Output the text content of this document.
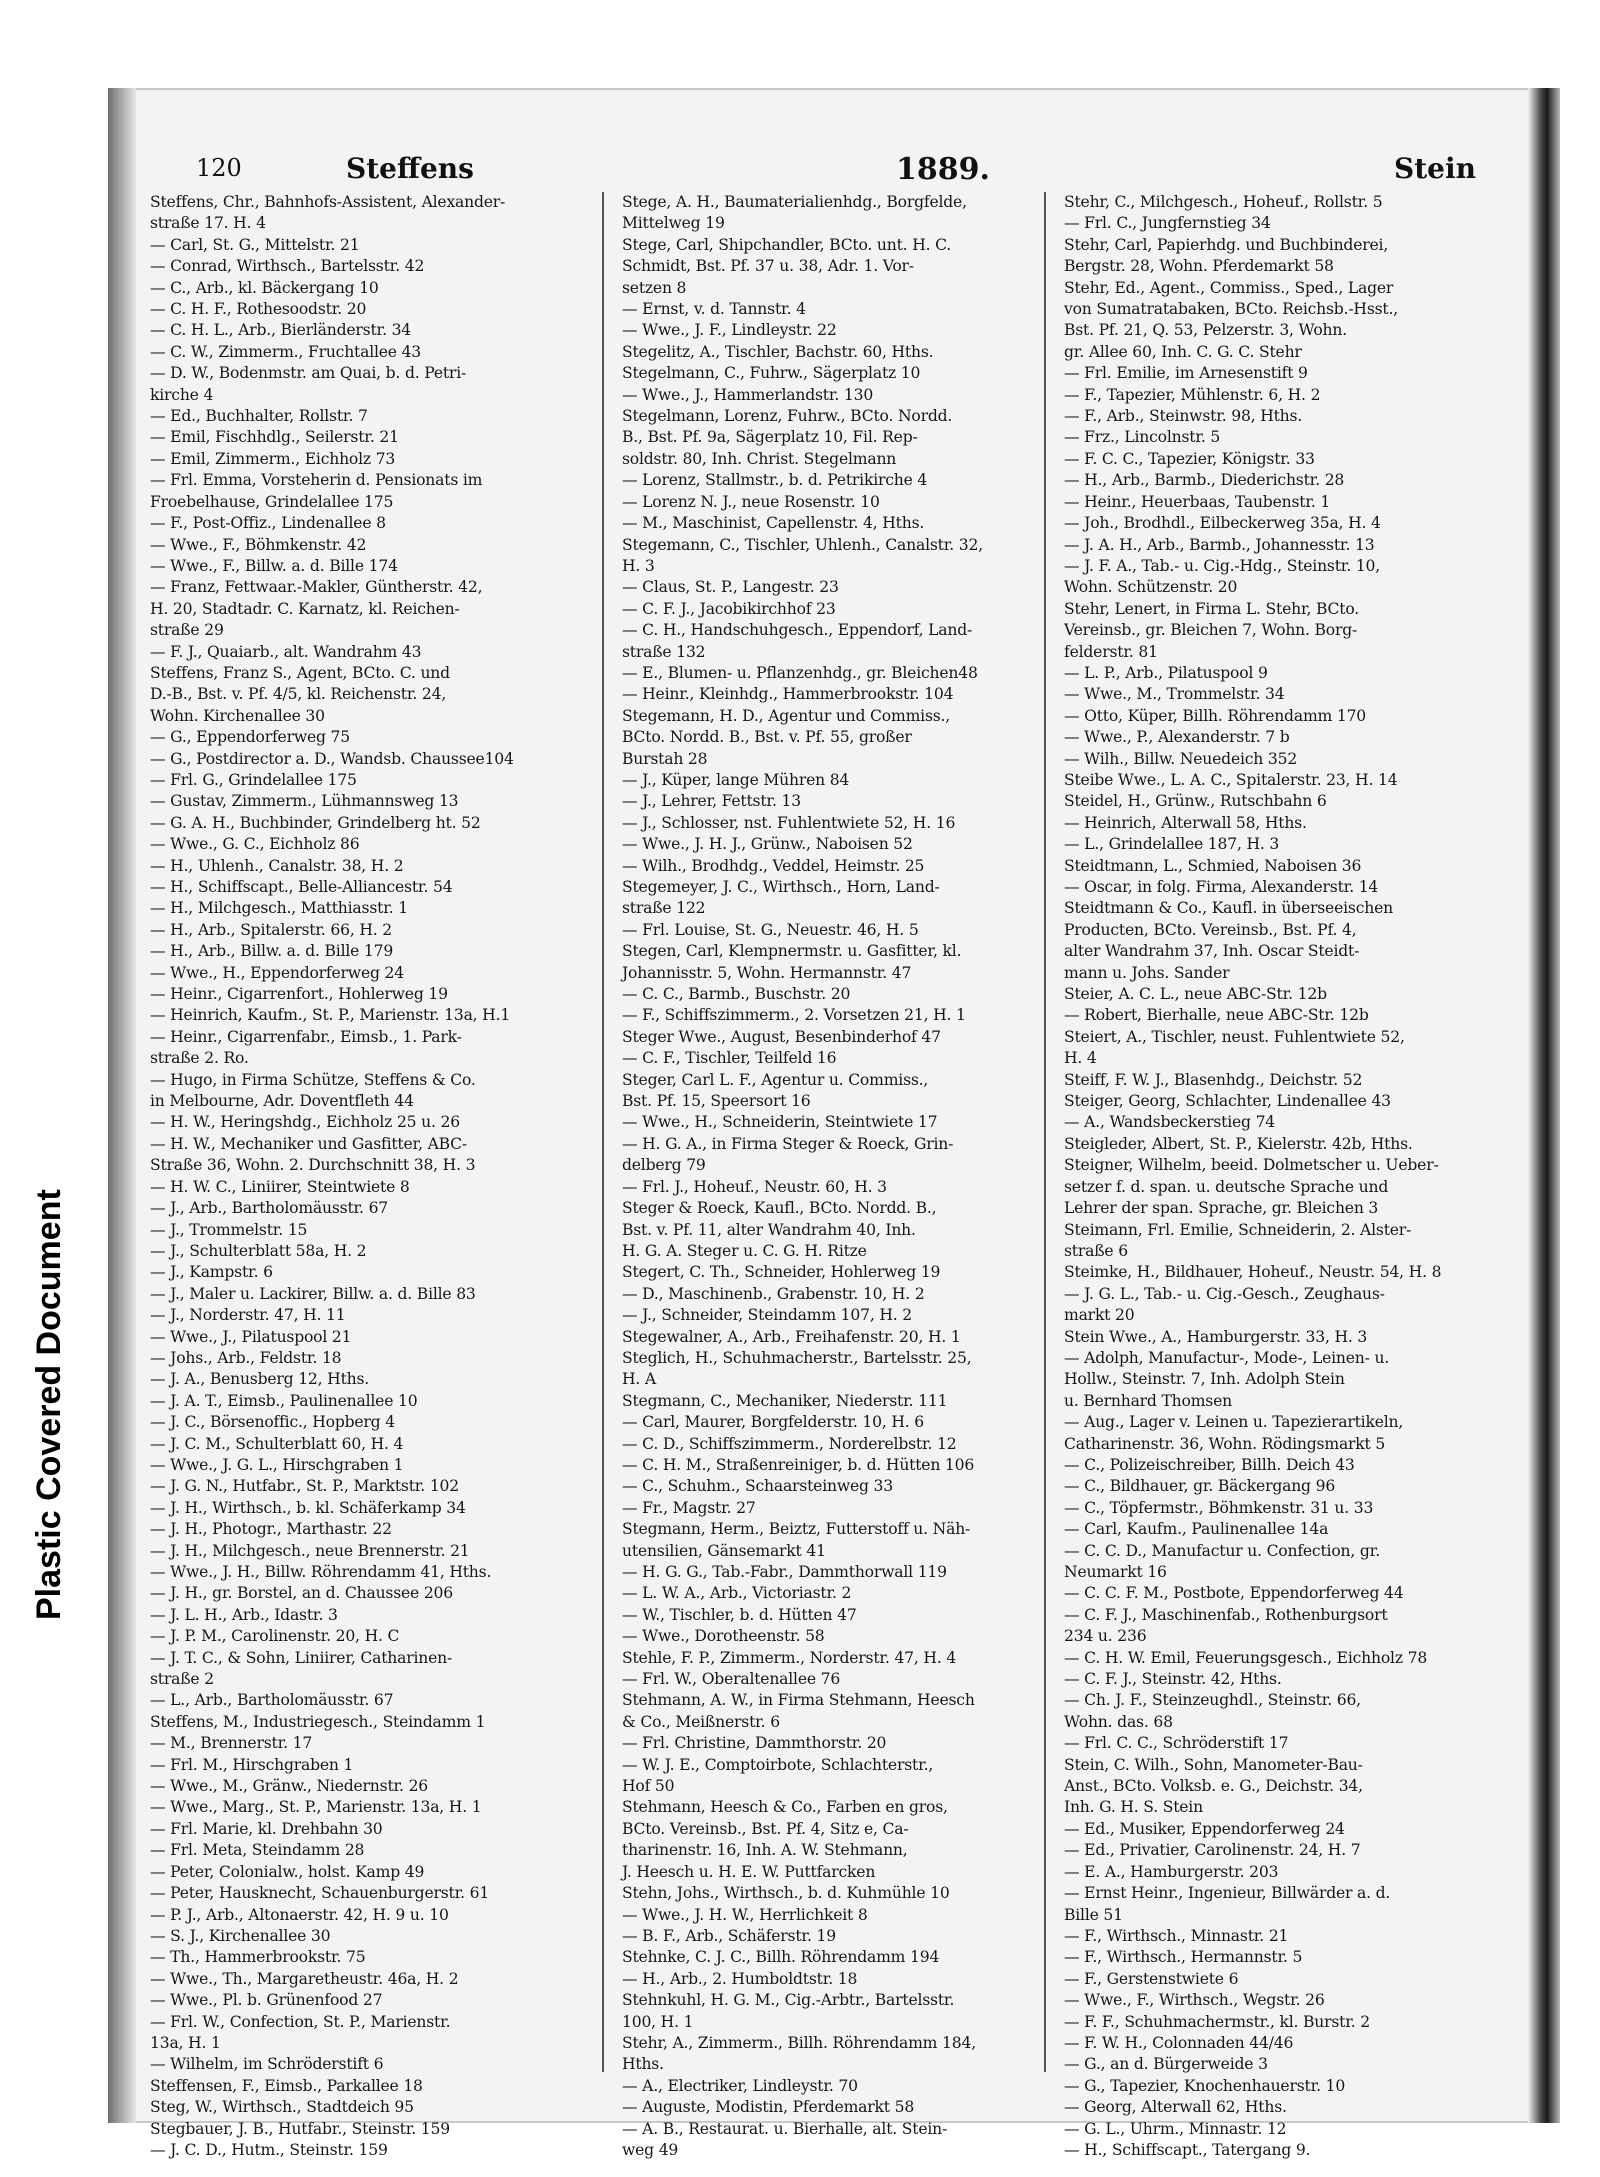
Plastic Covered Document
120	Steffens	1889.	Stein

Steffens, Chr., Bahnhofs-Assistent, Alexander-

straße 17. H. 4

— Carl, St. G., Mittelstr. 21

— Conrad, Wirthsch., Bartelsstr. 42

— C., Arb., kl. Bäckergang 10

— C. H. F., Rothesoodstr. 20

— C. H. L., Arb., Bierländerstr. 34

— C. W., Zimmerm., Fruchtallee 43

— D. W., Bodenmstr. am Quai, b. d. Petri-

kirche 4

— Ed., Buchhalter, Rollstr. 7

— Emil, Fischhdlg., Seilerstr. 21

— Emil, Zimmerm., Eichholz 73

— Frl. Emma, Vorsteherin d. Pensionats im

Froebelhause, Grindelallee 175

— F., Post-Offiz., Lindenallee 8

— Wwe., F., Böhmkenstr. 42

— Wwe., F., Billw. a. d. Bille 174

— Franz, Fettwaar.-Makler, Güntherstr. 42,

H. 20, Stadtadr. C. Karnatz, kl. Reichen-

straße 29

— F. J., Quaiarb., alt. Wandrahm 43

Steffens, Franz S., Agent, BCto. C. und

D.-B., Bst. v. Pf. 4/5, kl. Reichenstr. 24,

Wohn. Kirchenallee 30

— G., Eppendorferweg 75

— G., Postdirector a. D., Wandsb. Chaussee104

— Frl. G., Grindelallee 175

— Gustav, Zimmerm., Lühmannsweg 13

— G. A. H., Buchbinder, Grindelberg ht. 52

— Wwe., G. C., Eichholz 86

— H., Uhlenh., Canalstr. 38, H. 2

— H., Schiffscapt., Belle-Alliancestr. 54

— H., Milchgesch., Matthiasstr. 1

— H., Arb., Spitalerstr. 66, H. 2

— H., Arb., Billw. a. d. Bille 179

— Wwe., H., Eppendorferweg 24

— Heinr., Cigarrenfort., Hohlerweg 19

— Heinrich, Kaufm., St. P., Marienstr. 13a, H.1

— Heinr., Cigarrenfabr., Eimsb., 1. Park-

straße 2. Ro.

— Hugo, in Firma Schütze, Steffens & Co.

in Melbourne, Adr. Doventfleth 44

— H. W., Heringshdg., Eichholz 25 u. 26

— H. W., Mechaniker und Gasfitter, ABC-

Straße 36, Wohn. 2. Durchschnitt 38, H. 3

— H. W. C., Liniirer, Steintwiete 8

— J., Arb., Bartholomäusstr. 67

— J., Trommelstr. 15

— J., Schulterblatt 58a, H. 2

— J., Kampstr. 6

— J., Maler u. Lackirer, Billw. a. d. Bille 83

— J., Norderstr. 47, H. 11

— Wwe., J., Pilatuspool 21

— Johs., Arb., Feldstr. 18

— J. A., Benusberg 12, Hths.

— J. A. T., Eimsb., Paulinenallee 10

— J. C., Börsenoffic., Hopberg 4

— J. C. M., Schulterblatt 60, H. 4

— Wwe., J. G. L., Hirschgraben 1

— J. G. N., Hutfabr., St. P., Marktstr. 102

— J. H., Wirthsch., b. kl. Schäferkamp 34

— J. H., Photogr., Marthastr. 22

— J. H., Milchgesch., neue Brennerstr. 21

— Wwe., J. H., Billw. Röhrendamm 41, Hths.

— J. H., gr. Borstel, an d. Chaussee 206

— J. L. H., Arb., Idastr. 3

— J. P. M., Carolinenstr. 20, H. C

— J. T. C., & Sohn, Liniirer, Catharinen-

straße 2

— L., Arb., Bartholomäusstr. 67

Steffens, M., Industriegesch., Steindamm 1

— M., Brennerstr. 17

— Frl. M., Hirschgraben 1

— Wwe., M., Gränw., Niedernstr. 26

— Wwe., Marg., St. P., Marienstr. 13a, H. 1

— Frl. Marie, kl. Drehbahn 30

— Frl. Meta, Steindamm 28

— Peter, Colonialw., holst. Kamp 49

— Peter, Hausknecht, Schauenburgerstr. 61

— P. J., Arb., Altonaerstr. 42, H. 9 u. 10

— S. J., Kirchenallee 30

— Th., Hammerbrookstr. 75

— Wwe., Th., Margaretheustr. 46a, H. 2

— Wwe., Pl. b. Grünenfood 27

— Frl. W., Confection, St. P., Marienstr.

13a, H. 1

— Wilhelm, im Schröderstift 6

Steffensen, F., Eimsb., Parkallee 18

Steg, W., Wirthsch., Stadtdeich 95

Stegbauer, J. B., Hutfabr., Steinstr. 159

— J. C. D., Hutm., Steinstr. 159

Stege, A. H., Baumaterialienhdg., Borgfelde,

Mittelweg 19

Stege, Carl, Shipchandler, BCto. unt. H. C.

Schmidt, Bst. Pf. 37 u. 38, Adr. 1. Vor-

setzen 8

— Ernst, v. d. Tannstr. 4

— Wwe., J. F., Lindleystr. 22

Stegelitz, A., Tischler, Bachstr. 60, Hths.

Stegelmann, C., Fuhrw., Sägerplatz 10

— Wwe., J., Hammerlandstr. 130

Stegelmann, Lorenz, Fuhrw., BCto. Nordd.

B., Bst. Pf. 9a, Sägerplatz 10, Fil. Rep-

soldstr. 80, Inh. Christ. Stegelmann

— Lorenz, Stallmstr., b. d. Petrikirche 4

— Lorenz N. J., neue Rosenstr. 10

— M., Maschinist, Capellenstr. 4, Hths.

Stegemann, C., Tischler, Uhlenh., Canalstr. 32,

H. 3

— Claus, St. P., Langestr. 23

— C. F. J., Jacobikirchhof 23

— C. H., Handschuhgesch., Eppendorf, Land-

straße 132

— E., Blumen- u. Pflanzenhdg., gr. Bleichen48

— Heinr., Kleinhdg., Hammerbrookstr. 104

Stegemann, H. D., Agentur und Commiss.,

BCto. Nordd. B., Bst. v. Pf. 55, großer

Burstah 28

— J., Küper, lange Mühren 84

— J., Lehrer, Fettstr. 13

— J., Schlosser, nst. Fuhlentwiete 52, H. 16

— Wwe., J. H. J., Grünw., Naboisen 52

— Wilh., Brodhdg., Veddel, Heimstr. 25

Stegemeyer, J. C., Wirthsch., Horn, Land-

straße 122

— Frl. Louise, St. G., Neuestr. 46, H. 5

Stegen, Carl, Klempnermstr. u. Gasfitter, kl.

Johannisstr. 5, Wohn. Hermannstr. 47

— C. C., Barmb., Buschstr. 20

— F., Schiffszimmerm., 2. Vorsetzen 21, H. 1

Steger Wwe., August, Besenbinderhof 47

— C. F., Tischler, Teilfeld 16

Steger, Carl L. F., Agentur u. Commiss.,

Bst. Pf. 15, Speersort 16

— Wwe., H., Schneiderin, Steintwiete 17

— H. G. A., in Firma Steger & Roeck, Grin-

delberg 79

— Frl. J., Hoheuf., Neustr. 60, H. 3

Steger & Roeck, Kaufl., BCto. Nordd. B.,

Bst. v. Pf. 11, alter Wandrahm 40, Inh.

H. G. A. Steger u. C. G. H. Ritze

Stegert, C. Th., Schneider, Hohlerweg 19

— D., Maschinenb., Grabenstr. 10, H. 2

— J., Schneider, Steindamm 107, H. 2

Stegewalner, A., Arb., Freihafenstr. 20, H. 1

Steglich, H., Schuhmacherstr., Bartelsstr. 25,

H. A

Stegmann, C., Mechaniker, Niederstr. 111

— Carl, Maurer, Borgfelderstr. 10, H. 6

— C. D., Schiffszimmerm., Norderelbstr. 12

— C. H. M., Straßenreiniger, b. d. Hütten 106

— C., Schuhm., Schaarsteinweg 33

— Fr., Magstr. 27

Stegmann, Herm., Beiztz, Futterstoff u. Näh-

utensilien, Gänsemarkt 41

— H. G. G., Tab.-Fabr., Dammthorwall 119

— L. W. A., Arb., Victoriastr. 2

— W., Tischler, b. d. Hütten 47

— Wwe., Dorotheenstr. 58

Stehle, F. P., Zimmerm., Norderstr. 47, H. 4

— Frl. W., Oberaltenallee 76

Stehmann, A. W., in Firma Stehmann, Heesch

& Co., Meißnerstr. 6

— Frl. Christine, Dammthorstr. 20

— W. J. E., Comptoirbote, Schlachterstr.,

Hof 50

Stehmann, Heesch & Co., Farben en gros,

BCto. Vereinsb., Bst. Pf. 4, Sitz e, Ca-

tharinenstr. 16, Inh. A. W. Stehmann,

J. Heesch u. H. E. W. Puttfarcken

Stehn, Johs., Wirthsch., b. d. Kuhmühle 10

— Wwe., J. H. W., Herrlichkeit 8

— B. F., Arb., Schäferstr. 19

Stehnke, C. J. C., Billh. Röhrendamm 194

— H., Arb., 2. Humboldtstr. 18

Stehnkuhl, H. G. M., Cig.-Arbtr., Bartelsstr.

100, H. 1

Stehr, A., Zimmerm., Billh. Röhrendamm 184,

Hths.

— A., Electriker, Lindleystr. 70

— Auguste, Modistin, Pferdemarkt 58

— A. B., Restaurat. u. Bierhalle, alt. Stein-

weg 49

Stehr, C., Milchgesch., Hoheuf., Rollstr. 5

— Frl. C., Jungfernstieg 34

Stehr, Carl, Papierhdg. und Buchbinderei,

Bergstr. 28, Wohn. Pferdemarkt 58

Stehr, Ed., Agent., Commiss., Sped., Lager

von Sumatratabaken, BCto. Reichsb.-Hsst.,

Bst. Pf. 21, Q. 53, Pelzerstr. 3, Wohn.

gr. Allee 60, Inh. C. G. C. Stehr

— Frl. Emilie, im Arnesenstift 9

— F., Tapezier, Mühlenstr. 6, H. 2

— F., Arb., Steinwstr. 98, Hths.

— Frz., Lincolnstr. 5

— F. C. C., Tapezier, Königstr. 33

— H., Arb., Barmb., Diederichstr. 28

— Heinr., Heuerbaas, Taubenstr. 1

— Joh., Brodhdl., Eilbeckerweg 35a, H. 4

— J. A. H., Arb., Barmb., Johannesstr. 13

— J. F. A., Tab.- u. Cig.-Hdg., Steinstr. 10,

Wohn. Schützenstr. 20

Stehr, Lenert, in Firma L. Stehr, BCto.

Vereinsb., gr. Bleichen 7, Wohn. Borg-

felderstr. 81

— L. P., Arb., Pilatuspool 9

— Wwe., M., Trommelstr. 34

— Otto, Küper, Billh. Röhrendamm 170

— Wwe., P., Alexanderstr. 7 b

— Wilh., Billw. Neuedeich 352

Steibe Wwe., L. A. C., Spitalerstr. 23, H. 14

Steidel, H., Grünw., Rutschbahn 6

— Heinrich, Alterwall 58, Hths.

— L., Grindelallee 187, H. 3

Steidtmann, L., Schmied, Naboisen 36

— Oscar, in folg. Firma, Alexanderstr. 14

Steidtmann & Co., Kaufl. in überseeischen

Producten, BCto. Vereinsb., Bst. Pf. 4,

alter Wandrahm 37, Inh. Oscar Steidt-

mann u. Johs. Sander

Steier, A. C. L., neue ABC-Str. 12b

— Robert, Bierhalle, neue ABC-Str. 12b

Steiert, A., Tischler, neust. Fuhlentwiete 52,

H. 4

Steiff, F. W. J., Blasenhdg., Deichstr. 52

Steiger, Georg, Schlachter, Lindenallee 43

— A., Wandsbeckerstieg 74

Steigleder, Albert, St. P., Kielerstr. 42b, Hths.

Steigner, Wilhelm, beeid. Dolmetscher u. Ueber-

setzer f. d. span. u. deutsche Sprache und

Lehrer der span. Sprache, gr. Bleichen 3

Steimann, Frl. Emilie, Schneiderin, 2. Alster-

straße 6

Steimke, H., Bildhauer, Hoheuf., Neustr. 54, H. 8

— J. G. L., Tab.- u. Cig.-Gesch., Zeughaus-

markt 20

Stein Wwe., A., Hamburgerstr. 33, H. 3

— Adolph, Manufactur-, Mode-, Leinen- u.

Hollw., Steinstr. 7, Inh. Adolph Stein

u. Bernhard Thomsen

— Aug., Lager v. Leinen u. Tapezierartikeln,

Catharinenstr. 36, Wohn. Rödingsmarkt 5

— C., Polizeischreiber, Billh. Deich 43

— C., Bildhauer, gr. Bäckergang 96

— C., Töpfermstr., Böhmkenstr. 31 u. 33

— Carl, Kaufm., Paulinenallee 14a

— C. C. D., Manufactur u. Confection, gr.

Neumarkt 16

— C. C. F. M., Postbote, Eppendorferweg 44

— C. F. J., Maschinenfab., Rothenburgsort

234 u. 236

— C. H. W. Emil, Feuerungsgesch., Eichholz 78

— C. F. J., Steinstr. 42, Hths.

— Ch. J. F., Steinzeughdl., Steinstr. 66,

Wohn. das. 68

— Frl. C. C., Schröderstift 17

Stein, C. Wilh., Sohn, Manometer-Bau-

Anst., BCto. Volksb. e. G., Deichstr. 34,

Inh. G. H. S. Stein

— Ed., Musiker, Eppendorferweg 24

— Ed., Privatier, Carolinenstr. 24, H. 7

— E. A., Hamburgerstr. 203

— Ernst Heinr., Ingenieur, Billwärder a. d.

Bille 51

— F., Wirthsch., Minnastr. 21

— F., Wirthsch., Hermannstr. 5

— F., Gerstenstwiete 6

— Wwe., F., Wirthsch., Wegstr. 26

— F. F., Schuhmachermstr., kl. Burstr. 2

— F. W. H., Colonnaden 44/46

— G., an d. Bürgerweide 3

— G., Tapezier, Knochenhauerstr. 10

— Georg, Alterwall 62, Hths.

— G. L., Uhrm., Minnastr. 12

— H., Schiffscapt., Tatergang 9.
